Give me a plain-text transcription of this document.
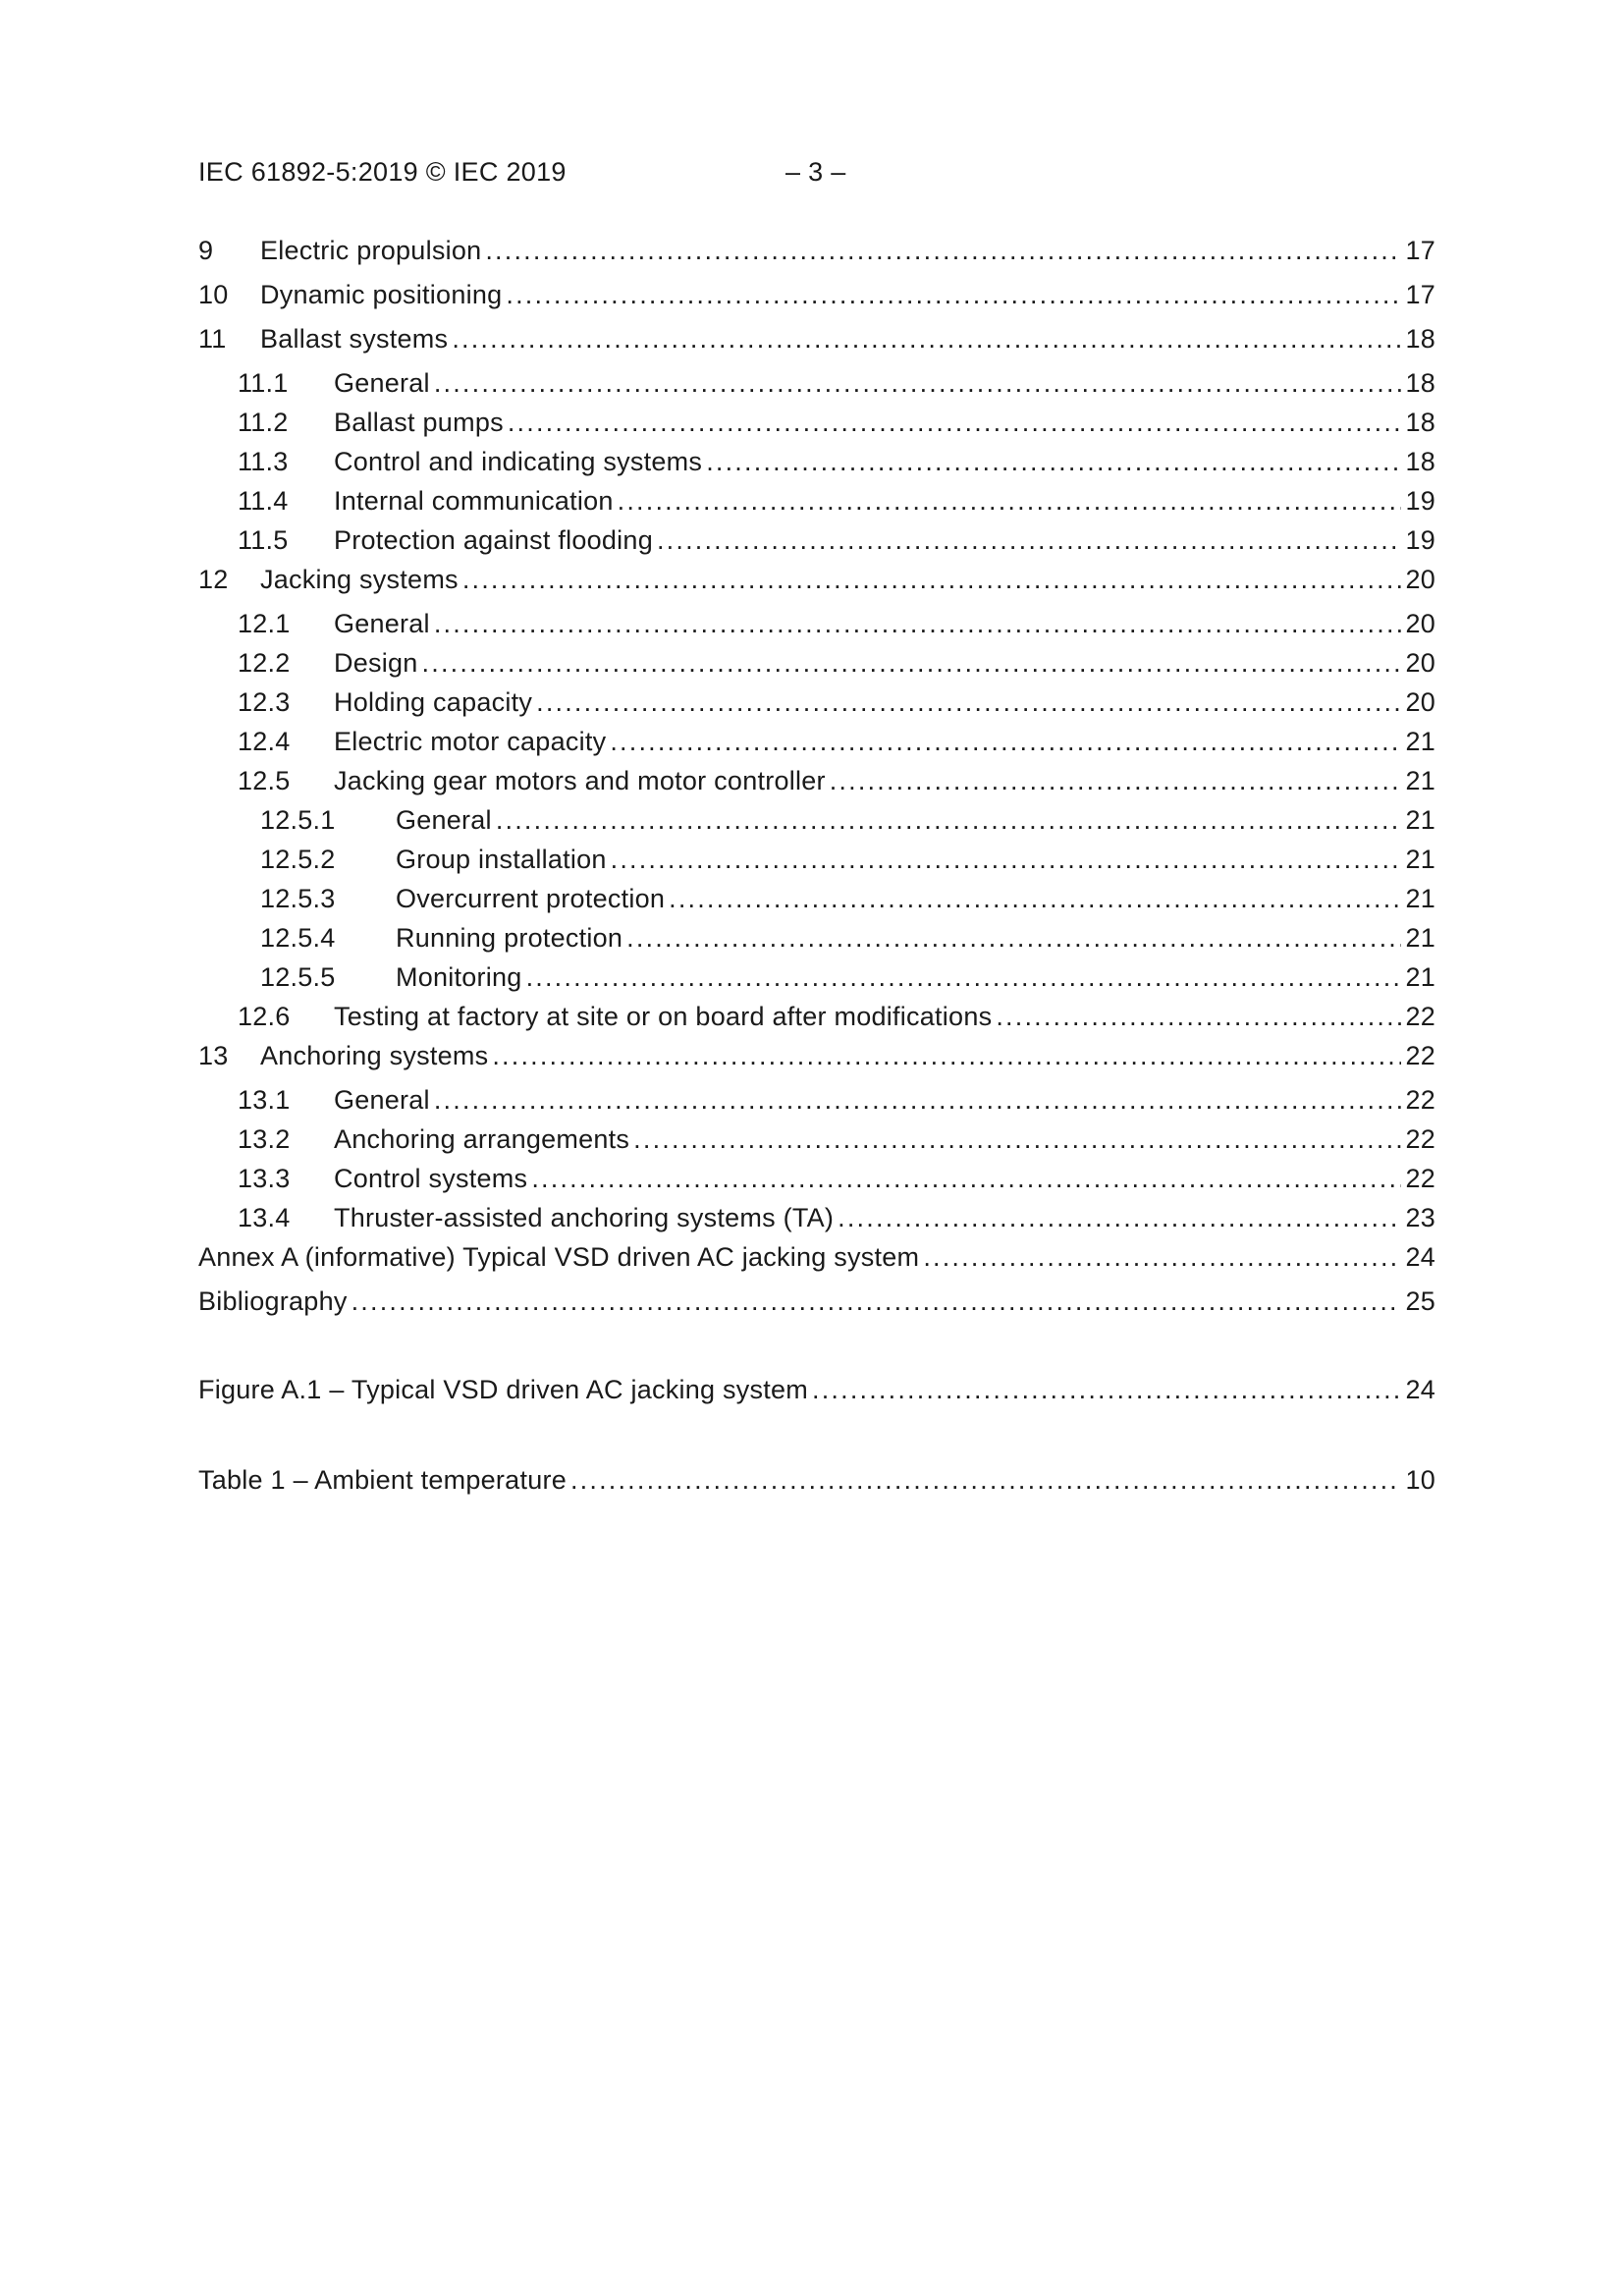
IEC 61892-5:2019 © IEC 2019	– 3 –
9	Electric propulsion .....	17
10	Dynamic positioning .....	17
11	Ballast systems .....	18
11.1	General .....	18
11.2	Ballast pumps .....	18
11.3	Control and indicating systems .....	18
11.4	Internal communication .....	19
11.5	Protection against flooding .....	19
12	Jacking systems .....	20
12.1	General .....	20
12.2	Design .....	20
12.3	Holding capacity .....	20
12.4	Electric motor capacity .....	21
12.5	Jacking gear motors and motor controller .....	21
12.5.1	General .....	21
12.5.2	Group installation .....	21
12.5.3	Overcurrent protection .....	21
12.5.4	Running protection .....	21
12.5.5	Monitoring .....	21
12.6	Testing at factory at site or on board after modifications .....	22
13	Anchoring systems .....	22
13.1	General .....	22
13.2	Anchoring arrangements .....	22
13.3	Control systems .....	22
13.4	Thruster-assisted anchoring systems (TA) .....	23
Annex A (informative) Typical VSD driven AC jacking system .....	24
Bibliography .....	25
Figure A.1 – Typical VSD driven AC jacking system .....	24
Table 1 – Ambient temperature .....	10
